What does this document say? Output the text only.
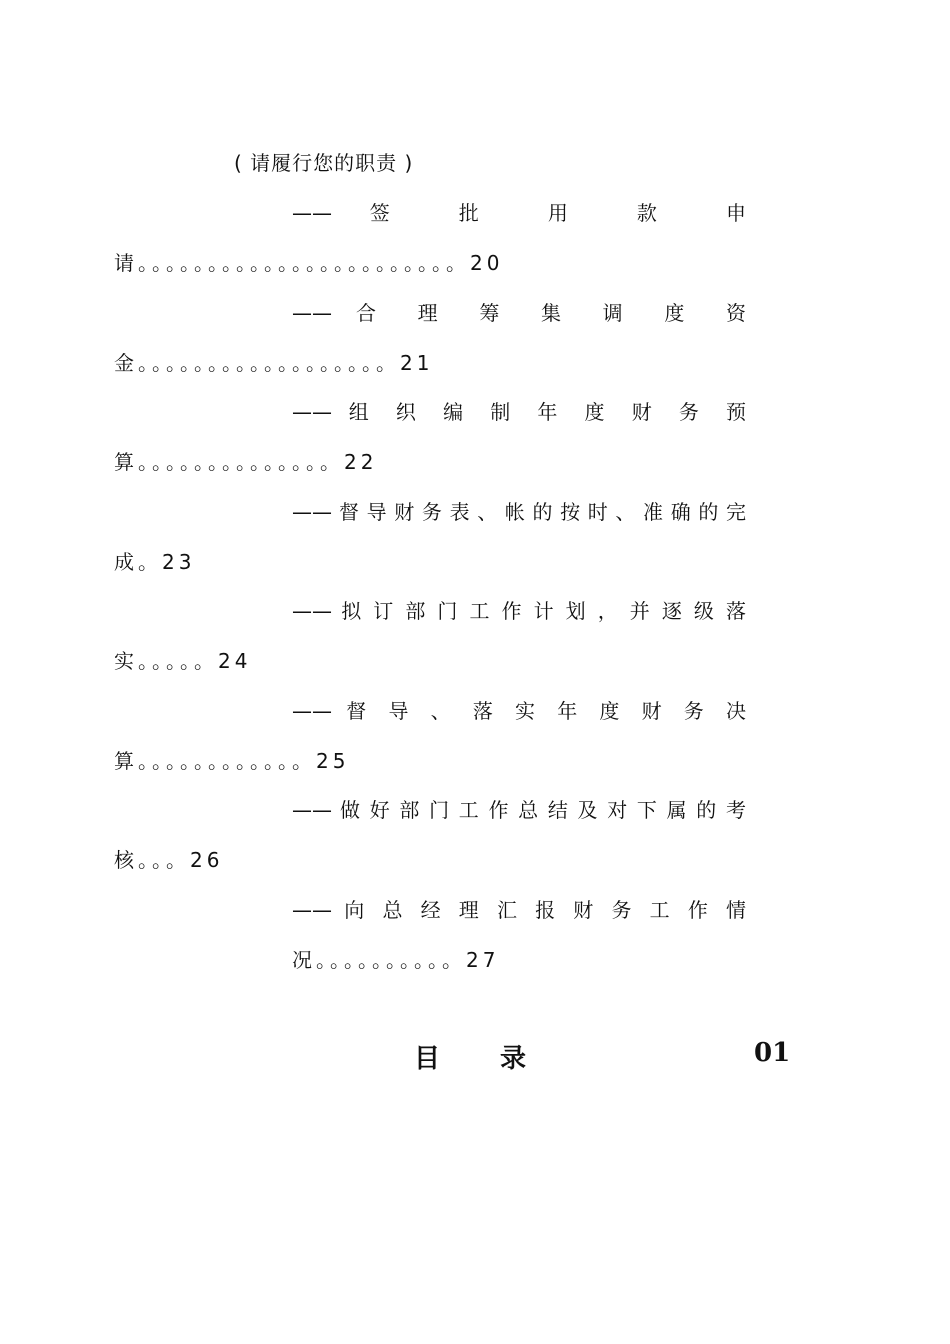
( 请履行您的职责 )
—— 签 批 用 款 申
请。。。。。。。。。。。。。。。。。。。。。。。20
—— 合 理 筹 集 调 度 资
金。。。。。。。。。。。。。。。。。。21
—— 组 织 编 制 年 度 财 务 预
算。。。。。。。。。。。。。。22
—— 督 导 财 务 表 、 帐 的 按 时 、 准 确 的 完
成。23
—— 拟 订 部 门 工 作 计 划 ， 并 逐 级 落
实。。。。。24
—— 督 导 、 落 实 年 度 财 务 决
算。。。。。。。。。。。。25
—— 做 好 部 门 工 作 总 结 及 对 下 属 的 考
核。。。26
—— 向 总 经 理 汇 报 财 务 工 作 情
况。。。。。。。。。。27
目录	01
